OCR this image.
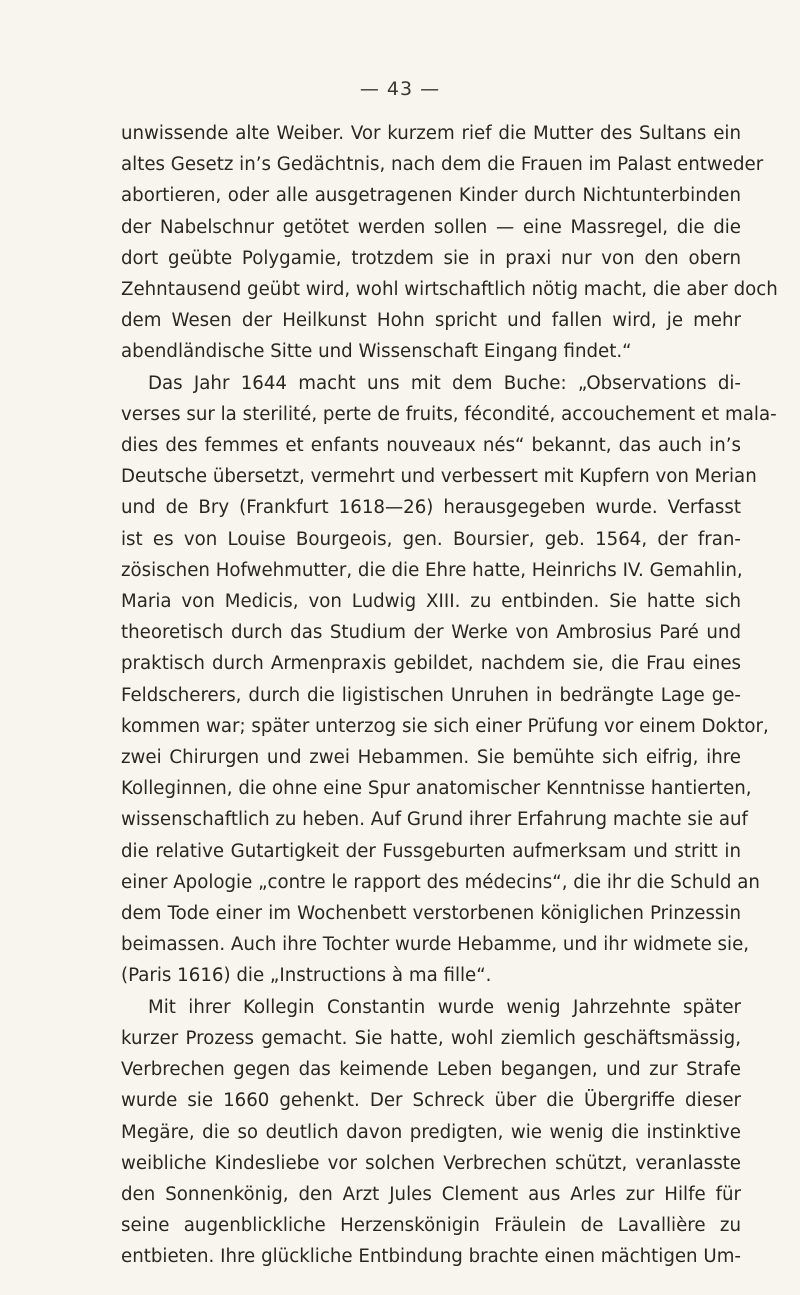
— 43 —
unwissende alte Weiber. Vor kurzem rief die Mutter des Sultans ein
altes Gesetz in’s Gedächtnis, nach dem die Frauen im Palast entweder
abortieren, oder alle ausgetragenen Kinder durch Nichtunterbinden
der Nabelschnur getötet werden sollen — eine Massregel, die die
dort geübte Polygamie, trotzdem sie in praxi nur von den obern
Zehntausend geübt wird, wohl wirtschaftlich nötig macht, die aber doch
dem Wesen der Heilkunst Hohn spricht und fallen wird, je mehr
abendländische Sitte und Wissenschaft Eingang findet.“
Das Jahr 1644 macht uns mit dem Buche: „Observations di-
verses sur la sterilité, perte de fruits, fécondité, accouchement et mala-
dies des femmes et enfants nouveaux nés“ bekannt, das auch in’s
Deutsche übersetzt, vermehrt und verbessert mit Kupfern von Merian
und de Bry (Frankfurt 1618—26) herausgegeben wurde. Verfasst
ist es von Louise Bourgeois, gen. Boursier, geb. 1564, der fran-
zösischen Hofwehmutter, die die Ehre hatte, Heinrichs IV. Gemahlin,
Maria von Medicis, von Ludwig XIII. zu entbinden. Sie hatte sich
theoretisch durch das Studium der Werke von Ambrosius Paré und
praktisch durch Armenpraxis gebildet, nachdem sie, die Frau eines
Feldscherers, durch die ligistischen Unruhen in bedrängte Lage ge-
kommen war; später unterzog sie sich einer Prüfung vor einem Doktor,
zwei Chirurgen und zwei Hebammen. Sie bemühte sich eifrig, ihre
Kolleginnen, die ohne eine Spur anatomischer Kenntnisse hantierten,
wissenschaftlich zu heben. Auf Grund ihrer Erfahrung machte sie auf
die relative Gutartigkeit der Fussgeburten aufmerksam und stritt in
einer Apologie „contre le rapport des médecins“, die ihr die Schuld an
dem Tode einer im Wochenbett verstorbenen königlichen Prinzessin
beimassen. Auch ihre Tochter wurde Hebamme, und ihr widmete sie,
(Paris 1616) die „Instructions à ma fille“.
Mit ihrer Kollegin Constantin wurde wenig Jahrzehnte später
kurzer Prozess gemacht. Sie hatte, wohl ziemlich geschäftsmässig,
Verbrechen gegen das keimende Leben begangen, und zur Strafe
wurde sie 1660 gehenkt. Der Schreck über die Übergriffe dieser
Megäre, die so deutlich davon predigten, wie wenig die instinktive
weibliche Kindesliebe vor solchen Verbrechen schützt, veranlasste
den Sonnenkönig, den Arzt Jules Clement aus Arles zur Hilfe für
seine augenblickliche Herzenskönigin Fräulein de Lavallière zu
entbieten. Ihre glückliche Entbindung brachte einen mächtigen Um-
